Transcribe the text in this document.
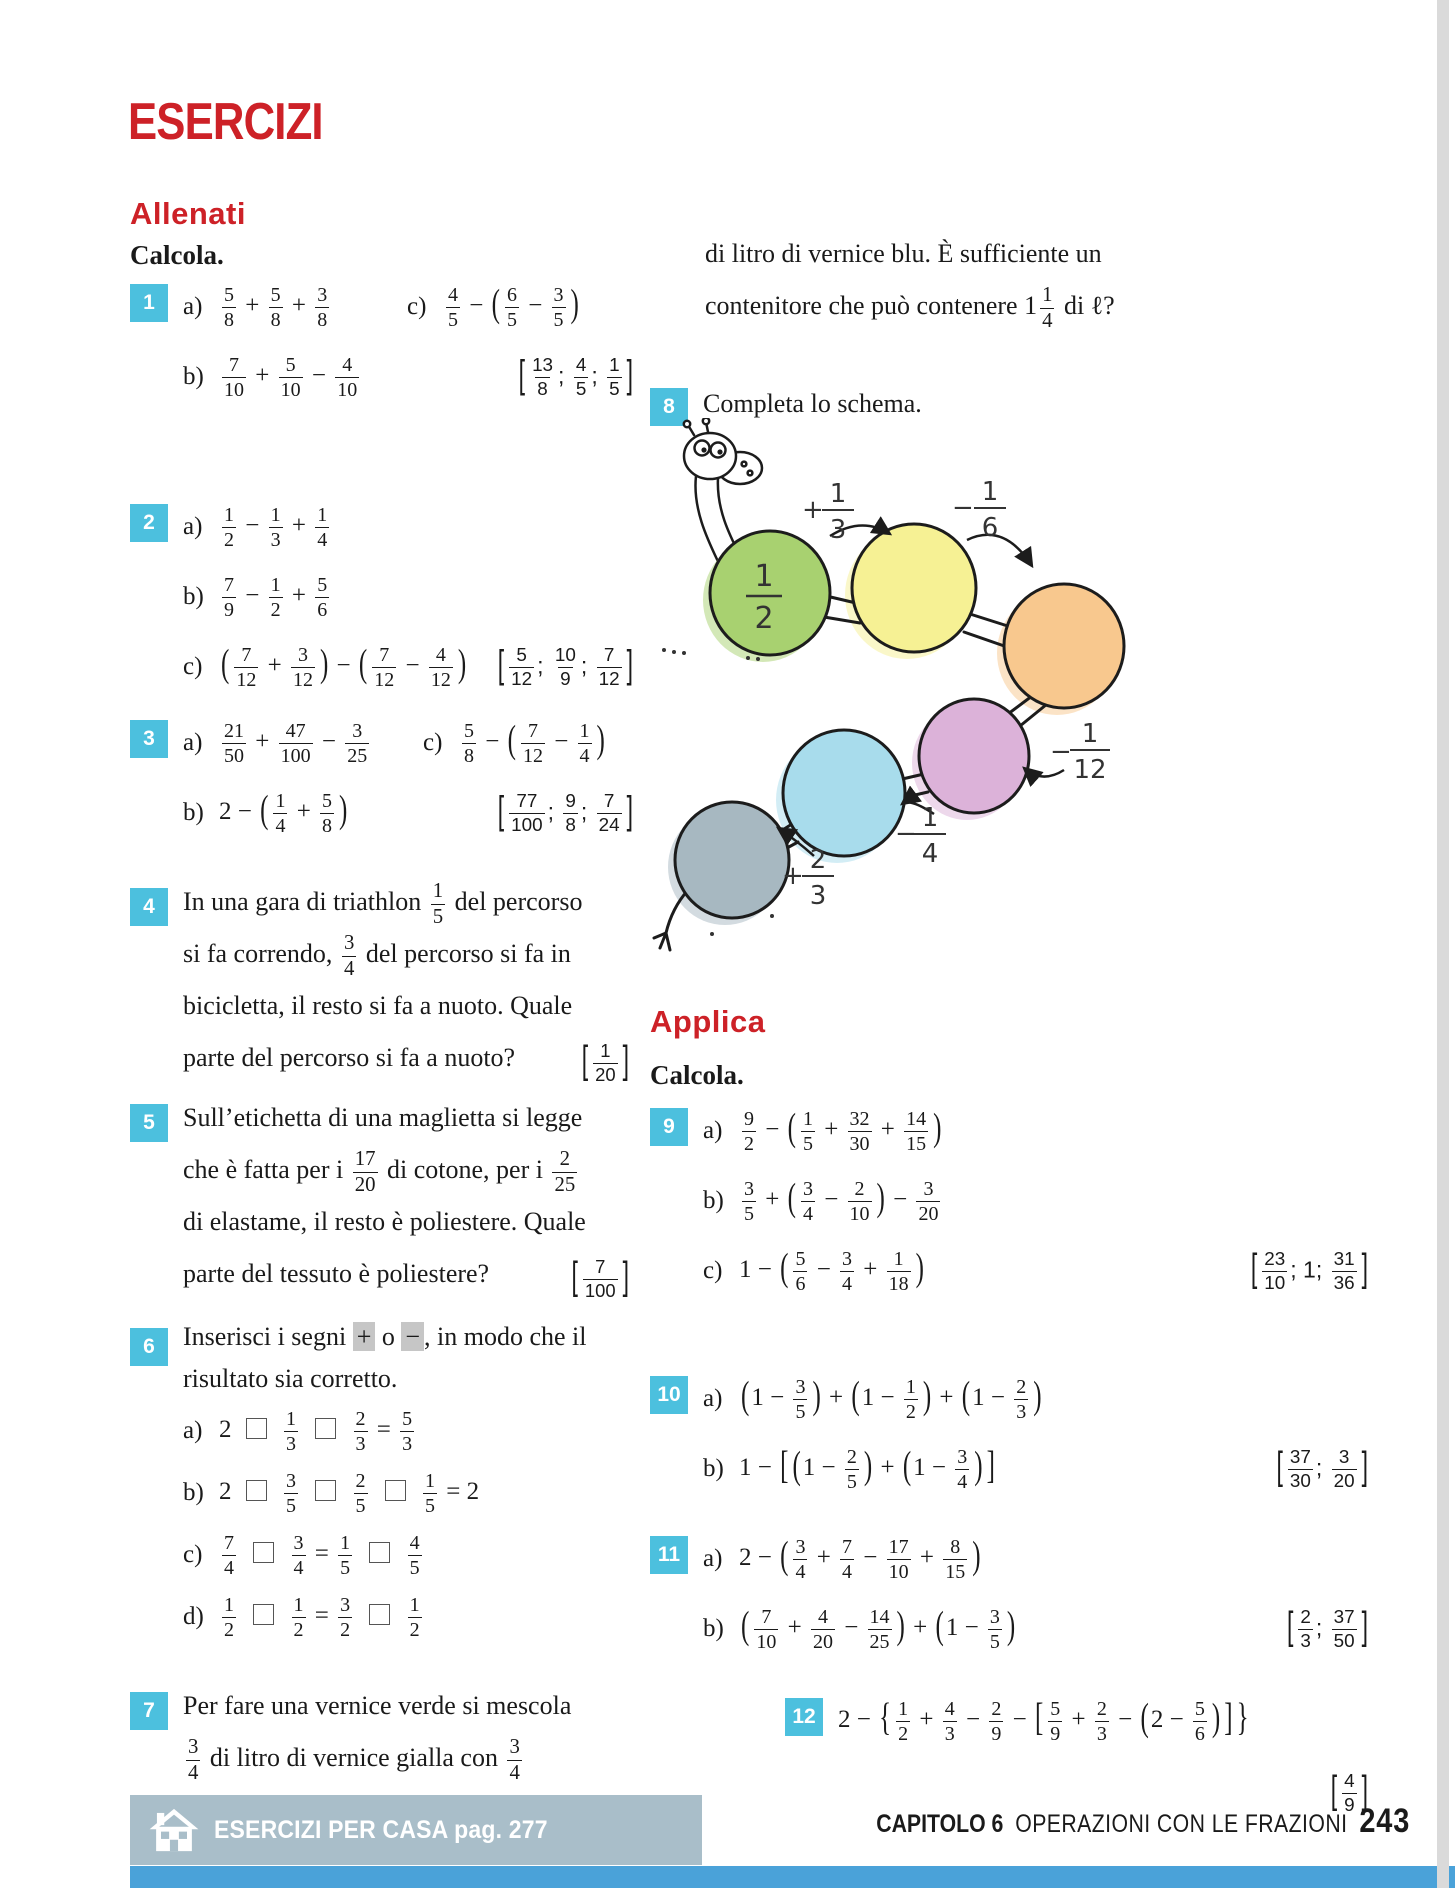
ESERCIZI
Allenati
Calcola.
1	$a) \frac{5}{8} + \frac{5}{8} + \frac{3}{8}$	$c) \frac{4}{5}$ − ( $\frac{6}{5} - \frac{3}{5}$ )
$b) \frac{7}{10} + \frac{5}{10} - \frac{4}{10}$	[ $\frac{13}{8}$ ; $\frac{4}{5}$ ; $\frac{1}{5}$ ]
2	$a) \frac{1}{2} - \frac{1}{3} + \frac{1}{4}$
$b) \frac{7}{9} - \frac{1}{2} + \frac{5}{6}$
c) ( $\frac{7}{12} + \frac{3}{12}$ ) − ( $\frac{7}{12} - \frac{4}{12}$ ) [ $\frac{5}{12}$ ; $\frac{10}{9}$ ; $\frac{7}{12}$ ]
3	$a) \frac{21}{50} + \frac{47}{100} - \frac{3}{25} c) \frac{5}{8}$ − ( $\frac{7}{12} - \frac{1}{4}$ )
b) 2 − ( $\frac{1}{4} + \frac{5}{8}$ )	[ $\frac{77}{100}$ ; $\frac{9}{8}$ ; $\frac{7}{24}$ ]
4	In una gara di triathlon $\frac{1}{5}$ del percorso
si fa correndo, $\frac{3}{4}$ del percorso si fa in
bicicletta, il resto si fa a nuoto. Quale
parte del percorso si fa a nuoto?	[ $\frac{1}{20}$ ]
5	Sull’etichetta di una maglietta si legge
che è fatta per i $\frac{17}{20}$ di cotone, per i $\frac{2}{25}$
di elastame, il resto è poliestere. Quale
parte del tessuto è poliestere?	[ $\frac{7}{100}$ ]
6	Inserisci i segni + o − , in modo che il
risultato sia corretto.
a) $2 \frac{1}{3}$
	$\frac{2}{3} = \frac{5}{3}$
b) $2 \frac{3}{5}$
	$\frac{2}{5}$
	$\frac{1}{5} = 2$
$c) \frac{7}{4}$
	$\frac{3}{4} = \frac{1}{5}$
	$\frac{4}{5}$
$d) \frac{1}{2}$
	$\frac{1}{2} = \frac{3}{2}$
	$\frac{1}{2}$
7	Per fare una vernice verde si mescola
$\frac{3}{4}$ di litro di vernice gialla con $\frac{3}{4}$
ESERCIZI PER CASA pag. 277
di litro di vernice blu. È sufficiente un
contenitore che può contenere $1 \frac{1}{4}$ di ℓ?
8	Completa lo schema.
1
2
+
1
3
−
1
6
−
1
12
−
1
4
+
2
3
Applica
Calcola.
9	$a) \frac{9}{2}$ − ( $\frac{1}{5} + \frac{32}{30} + \frac{14}{15}$ )
$b) \frac{3}{5}$ + ( $\frac{3}{4} - \frac{2}{10}$ ) − $\frac{3}{20}$
c) 1 − ( $\frac{5}{6} - \frac{3}{4} + \frac{1}{18}$ )	[ $\frac{23}{10}$ ; 1; $\frac{31}{36}$ ]
10 a) ($1 - \frac{3}{5}$ ) + ($1 - \frac{1}{2}$ ) + ($1 - \frac{2}{3}$ )
b) 1 − [ ($1 - \frac{2}{5}$ ) + ($1 - \frac{3}{4}$ ) ]	[ $\frac{37}{30}$ ; $\frac{3}{20}$ ]
11 a) 2 − ( $\frac{3}{4} + \frac{7}{4} - \frac{17}{10} + \frac{8}{15}$ )
b) ( $\frac{7}{10} + \frac{4}{20} - \frac{14}{25}$ ) + ($1 - \frac{3}{5}$ )	[ $\frac{2}{3}$ ; $\frac{37}{50}$ ]
12 2 − { $\frac{1}{2} + \frac{4}{3} - \frac{2}{9}$ − [ $\frac{5}{9} + \frac{2}{3} - (2 - \frac{5}{6}$ ) ] }
[ $\frac{4}{9}$ ]
CAPITOLO 6 OPERAZIONI CON LE FRAZIONI 243
